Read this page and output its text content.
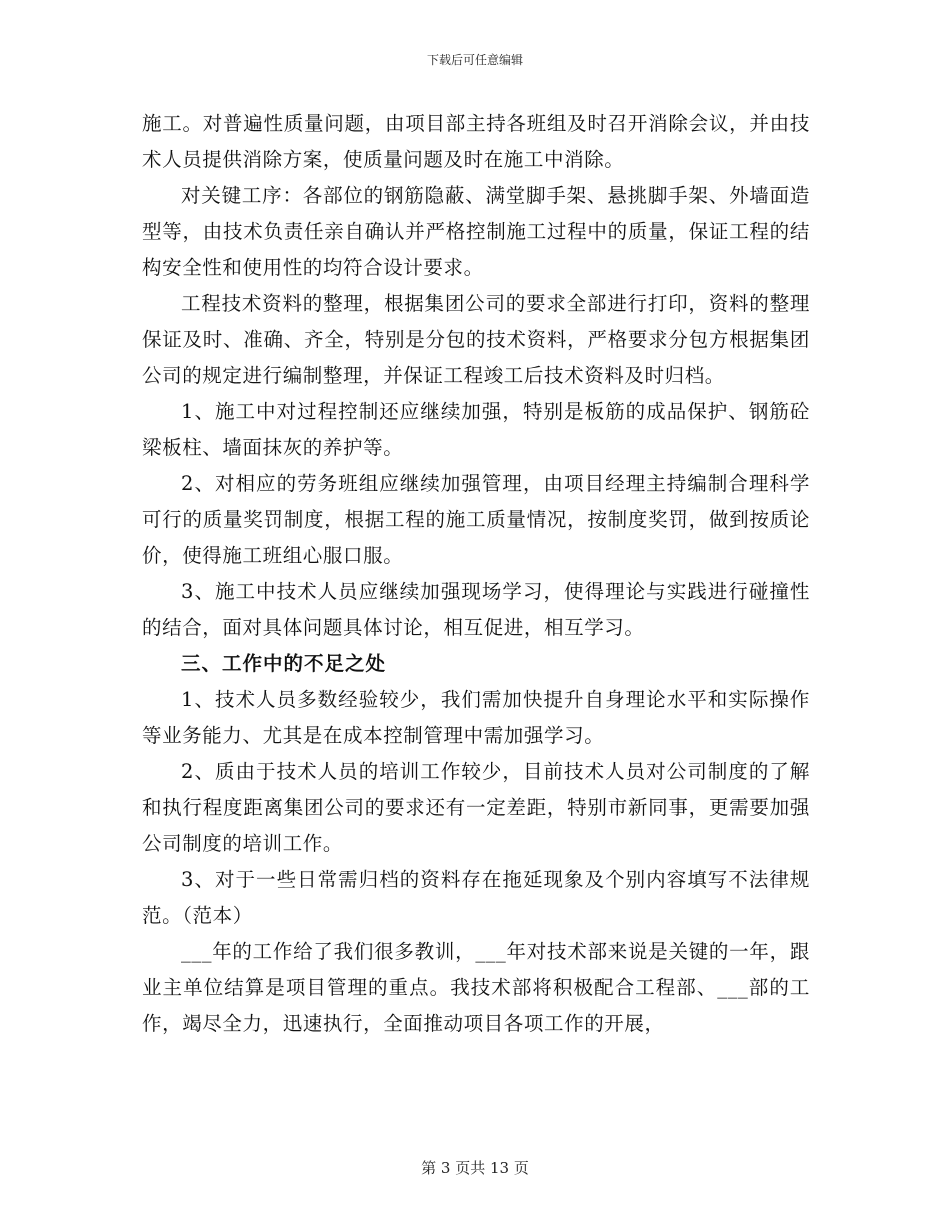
下载后可任意编辑

施工。对普遍性质量问题，由项目部主持各班组及时召开消除会议，并由技术人员提供消除方案，使质量问题及时在施工中消除。

对关键工序：各部位的钢筋隐蔽、满堂脚手架、悬挑脚手架、外墙面造型等，由技术负责任亲自确认并严格控制施工过程中的质量，保证工程的结构安全性和使用性的均符合设计要求。

工程技术资料的整理，根据集团公司的要求全部进行打印，资料的整理保证及时、准确、齐全，特别是分包的技术资料，严格要求分包方根据集团公司的规定进行编制整理，并保证工程竣工后技术资料及时归档。

1、施工中对过程控制还应继续加强，特别是板筋的成品保护、钢筋砼梁板柱、墙面抹灰的养护等。

2、对相应的劳务班组应继续加强管理，由项目经理主持编制合理科学可行的质量奖罚制度，根据工程的施工质量情况，按制度奖罚，做到按质论价，使得施工班组心服口服。

3、施工中技术人员应继续加强现场学习，使得理论与实践进行碰撞性的结合，面对具体问题具体讨论，相互促进，相互学习。

三、工作中的不足之处

1、技术人员多数经验较少，我们需加快提升自身理论水平和实际操作等业务能力、尤其是在成本控制管理中需加强学习。

2、质由于技术人员的培训工作较少，目前技术人员对公司制度的了解和执行程度距离集团公司的要求还有一定差距，特别市新同事，更需要加强公司制度的培训工作。

3、对于一些日常需归档的资料存在拖延现象及个别内容填写不法律规范。（范本）

___年的工作给了我们很多教训，___年对技术部来说是关键的一年，跟业主单位结算是项目管理的重点。我技术部将积极配合工程部、___部的工作，竭尽全力，迅速执行，全面推动项目各项工作的开展，

第 3 页共 13 页
